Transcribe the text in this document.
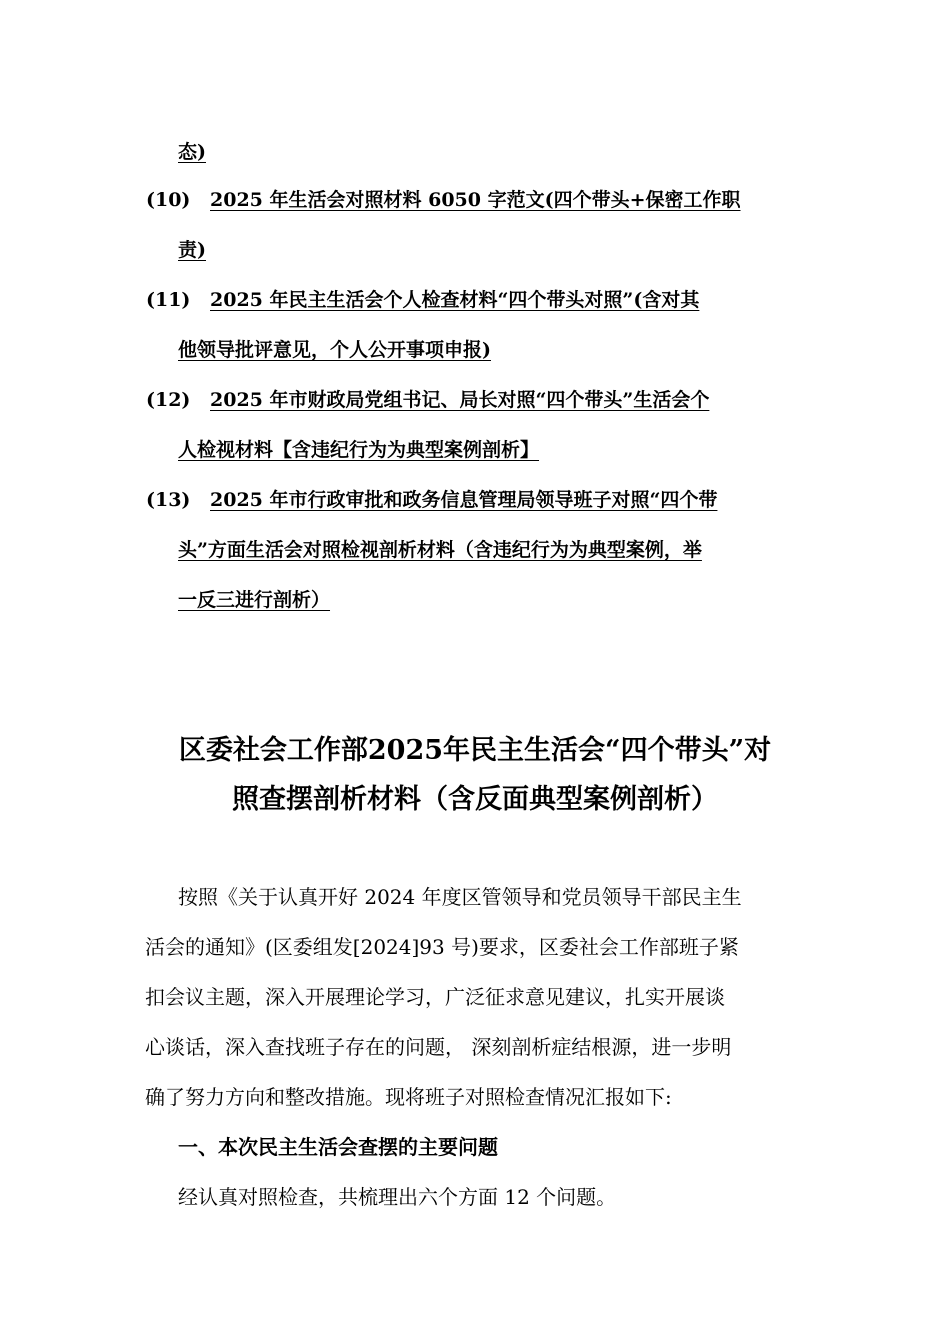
态)
(10) 2025 年生活会对照材料 6050 字范文(四个带头+保密工作职
责)
(11) 2025 年民主生活会个人检查材料“四个带头对照”(含对其
他领导批评意见，个人公开事项申报)
(12) 2025 年市财政局党组书记、局长对照“四个带头”生活会个
人检视材料【含违纪行为为典型案例剖析】
(13) 2025 年市行政审批和政务信息管理局领导班子对照“四个带
头”方面生活会对照检视剖析材料（含违纪行为为典型案例，举
一反三进行剖析）
区委社会工作部2025年民主生活会“四个带头”对
照查摆剖析材料（含反面典型案例剖析）
按照《关于认真开好 2024 年度区管领导和党员领导干部民主生
活会的通知》(区委组发[2024]93 号)要求，区委社会工作部班子紧
扣会议主题，深入开展理论学习，广泛征求意见建议，扎实开展谈
心谈话，深入查找班子存在的问题， 深刻剖析症结根源，进一步明
确了努力方向和整改措施。现将班子对照检查情况汇报如下:
一、本次民主生活会查摆的主要问题
经认真对照检查，共梳理出六个方面 12 个问题。
